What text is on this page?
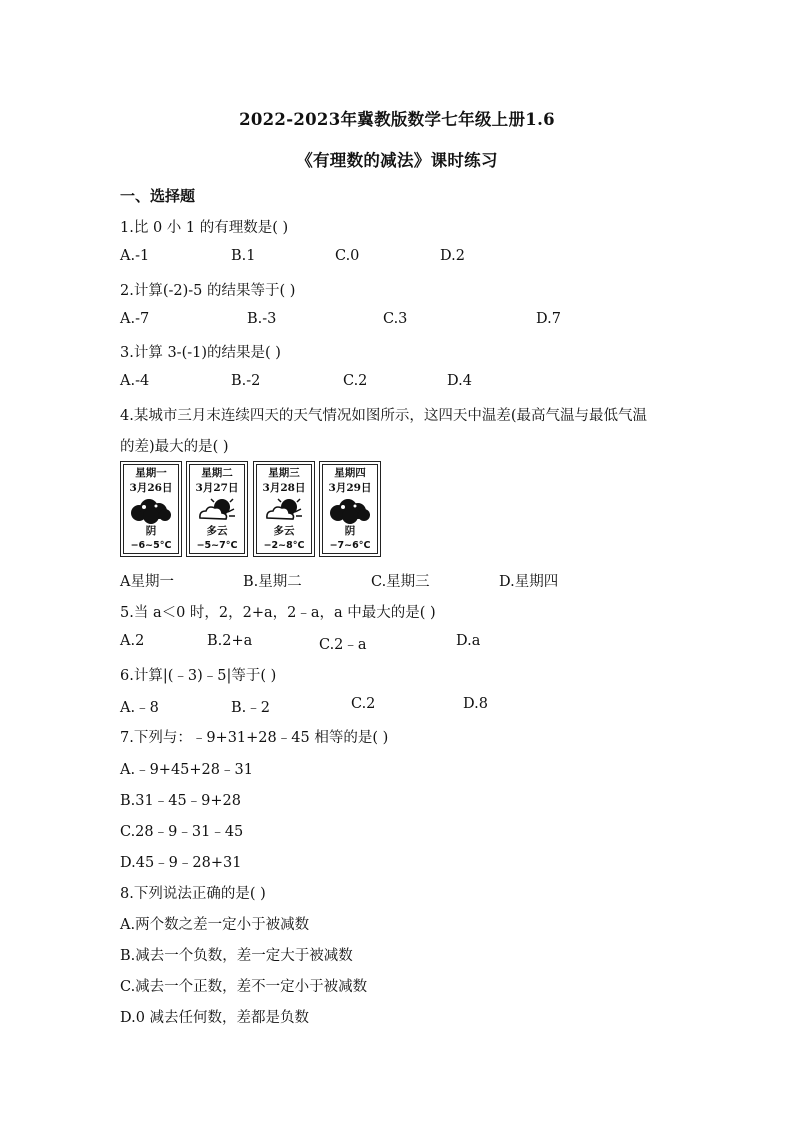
2022-2023年冀教版数学七年级上册1.6
《有理数的减法》课时练习
一、选择题
1.比 0 小 1 的有理数是( )
A.-1	B.1	C.0	D.2
2.计算(-2)-5 的结果等于( )
A.-7	B.-3	C.3	D.7
3.计算 3-(-1)的结果是( )
A.-4	B.-2	C.2	D.4
4.某城市三月末连续四天的天气情况如图所示，这四天中温差(最高气温与最低气温
的差)最大的是( )
星期一
3月26日
阴
−6~5°C
星期二
3月27日
多云
−5~7°C
星期三
3月28日
多云
−2~8°C
星期四
3月29日
阴
−7~6°C
A星期一	B.星期二	C.星期三	D.星期四
5.当 a＜0 时，2，2+a，2﹣a，a 中最大的是( )
A.2	B.2+a	C.2﹣a	D.a
6.计算|(﹣3)﹣5|等于( )
A.﹣8	B.﹣2	C.2	D.8
7.下列与：﹣9+31+28﹣45 相等的是( )
A.﹣9+45+28﹣31
B.31﹣45﹣9+28
C.28﹣9﹣31﹣45
D.45﹣9﹣28+31
8.下列说法正确的是( )
A.两个数之差一定小于被减数
B.减去一个负数，差一定大于被减数
C.减去一个正数，差不一定小于被减数
D.0 减去任何数，差都是负数
